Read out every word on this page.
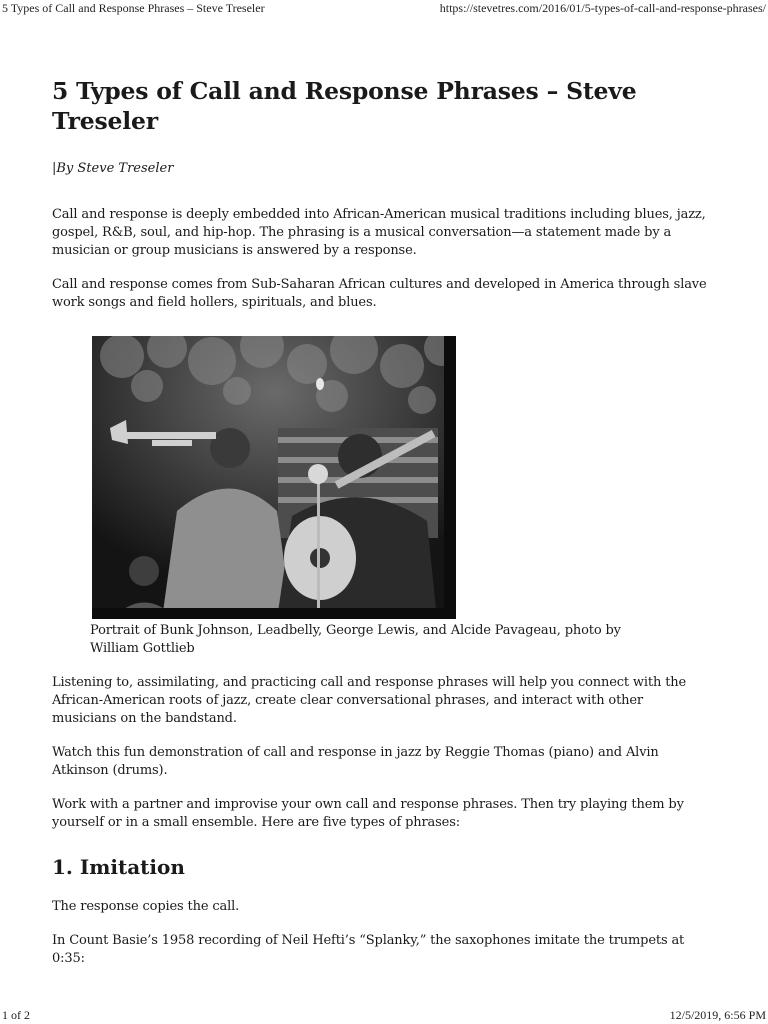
5 Types of Call and Response Phrases – Steve Treseler	https://stevetres.com/2016/01/5-types-of-call-and-response-phrases/
5 Types of Call and Response Phrases – Steve Treseler
|By Steve Treseler

Call and response is deeply embedded into African-American musical traditions including blues, jazz, gospel, R&B, soul, and hip-hop. The phrasing is a musical conversation—a statement made by a musician or group musicians is answered by a response.

Call and response comes from Sub-Saharan African cultures and developed in America through slave work songs and field hollers, spirituals, and blues.

Portrait of Bunk Johnson, Leadbelly, George Lewis, and Alcide Pavageau, photo by William Gottlieb

Listening to, assimilating, and practicing call and response phrases will help you connect with the African-American roots of jazz, create clear conversational phrases, and interact with other musicians on the bandstand.

Watch this fun demonstration of call and response in jazz by Reggie Thomas (piano) and Alvin Atkinson (drums).

Work with a partner and improvise your own call and response phrases. Then try playing them by yourself or in a small ensemble. Here are five types of phrases:

1. Imitation

The response copies the call.

In Count Basie’s 1958 recording of Neil Hefti’s “Splanky,” the saxophones imitate the trumpets at 0:35:

1 of 2	12/5/2019, 6:56 PM
